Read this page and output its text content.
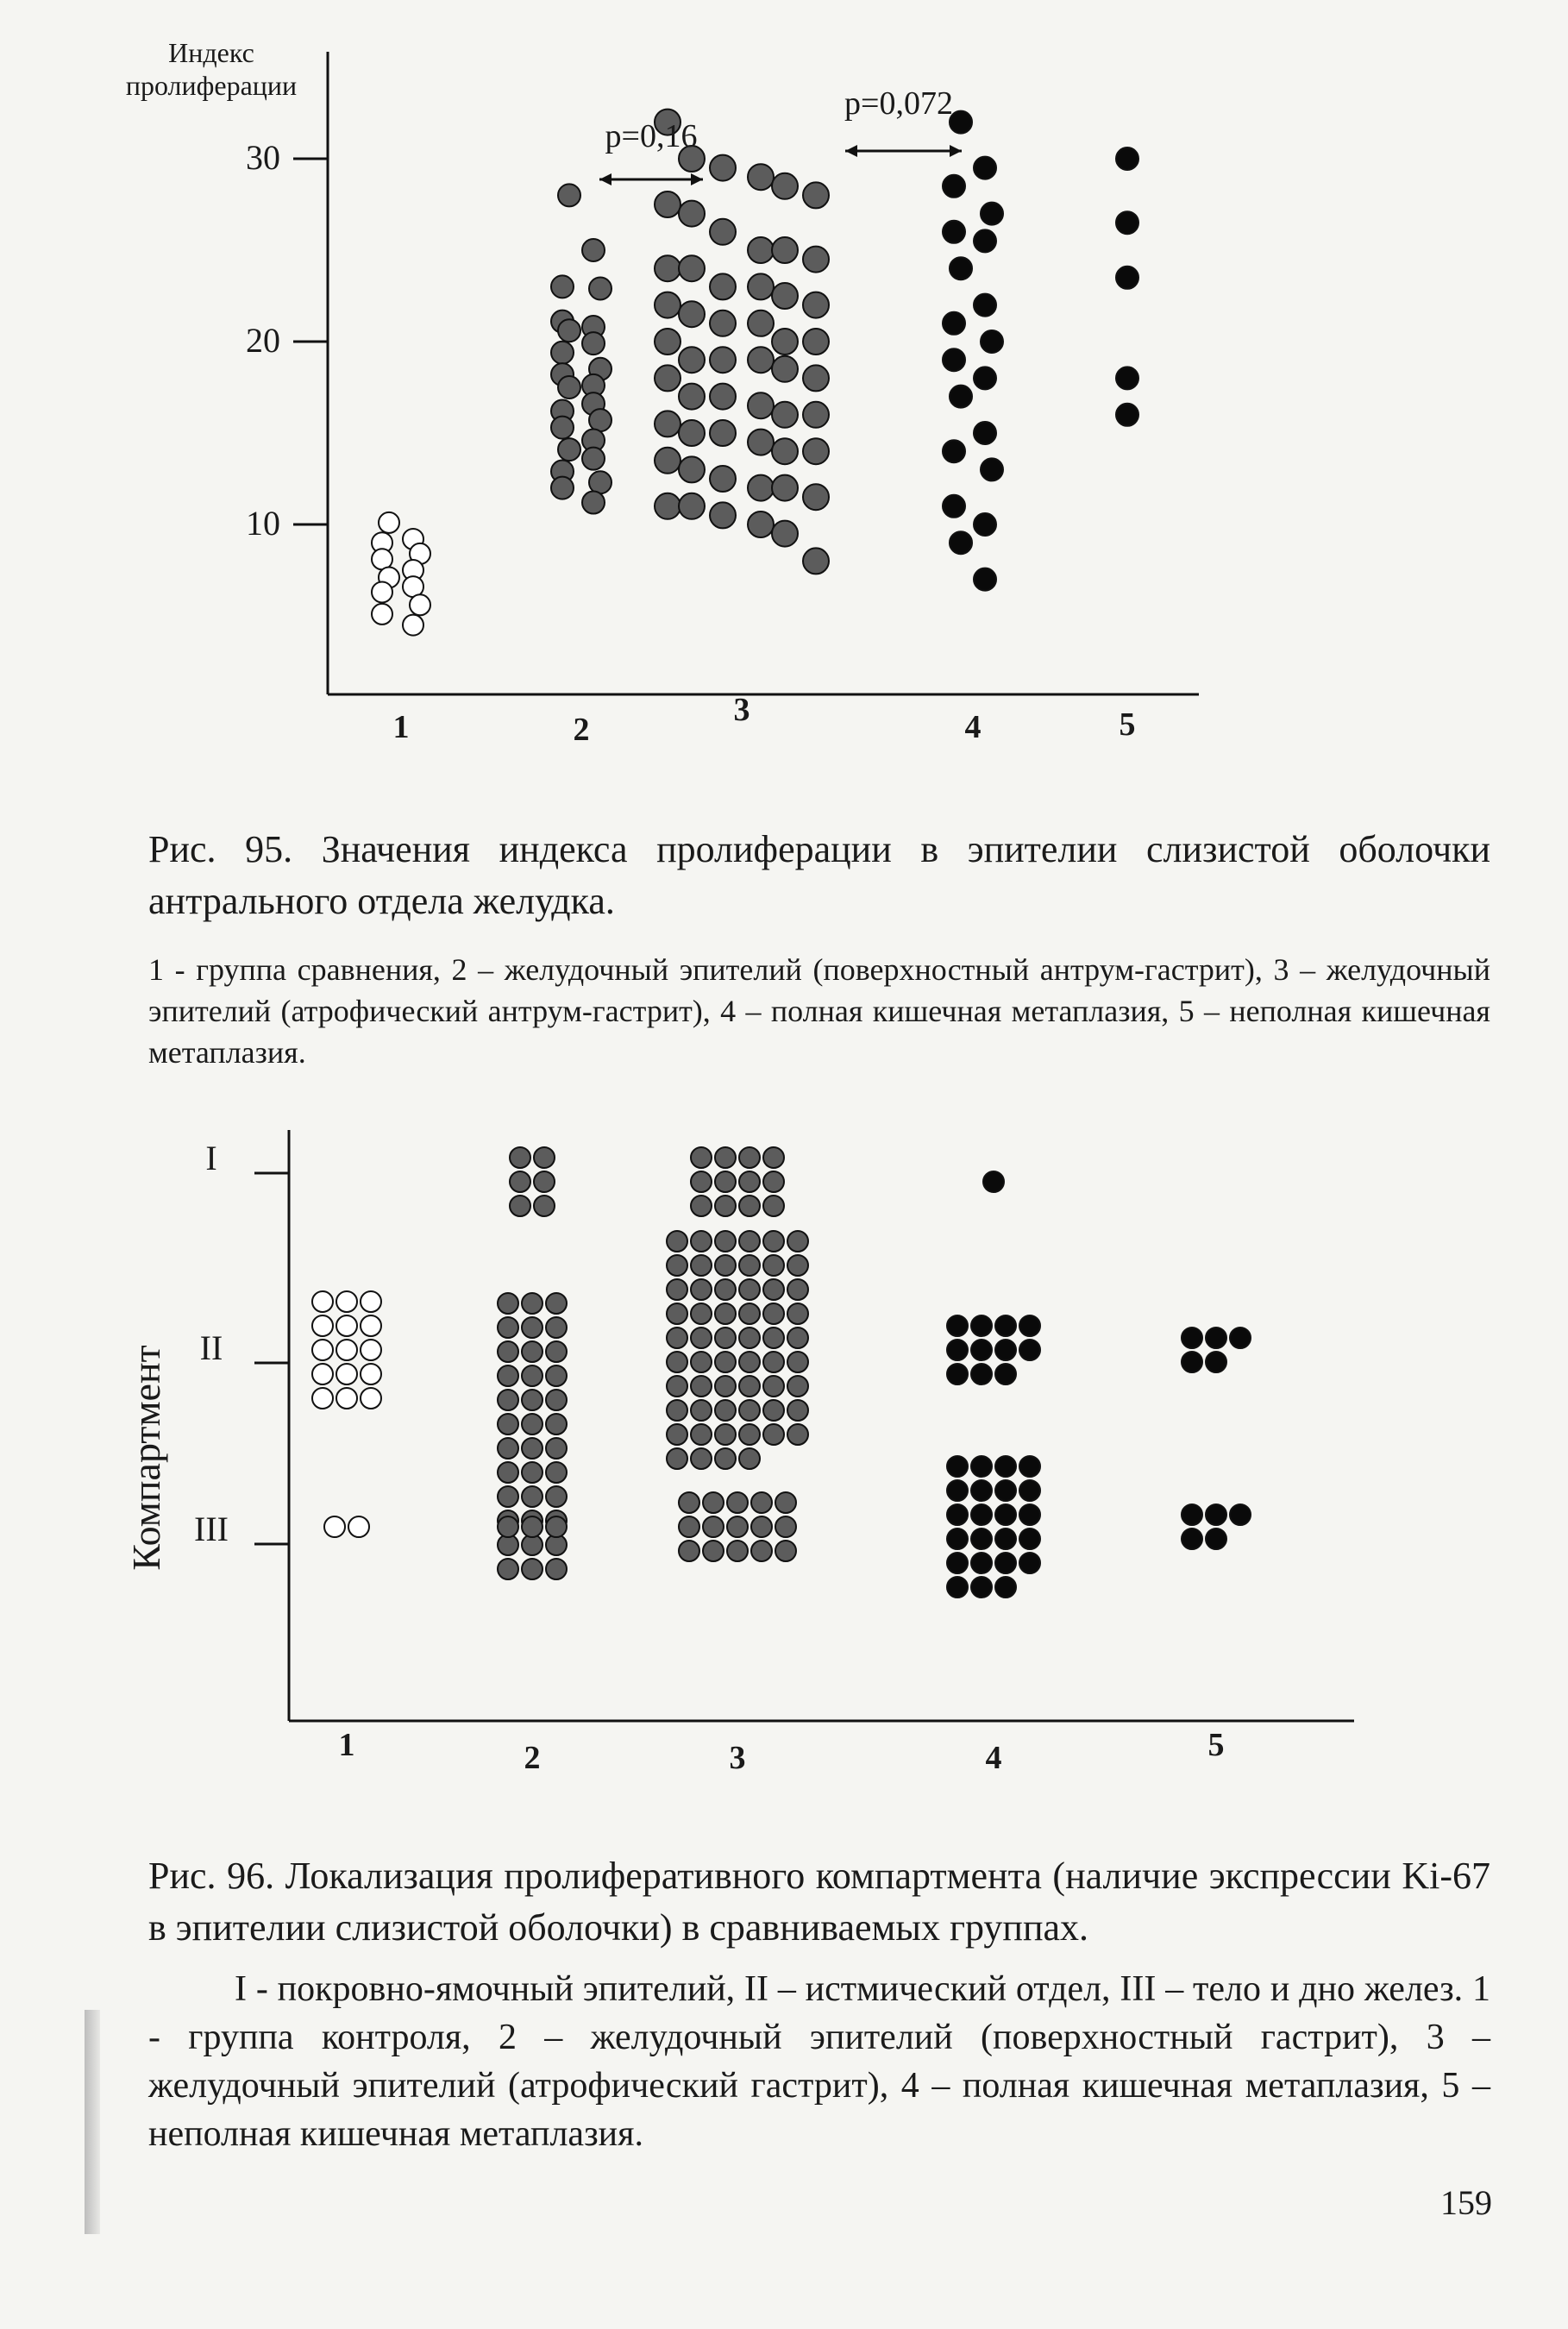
Индекс
пролиферации
10
20
30
1	2
3	4	5
p=0,16
p=0,072
Рис. 95. Значения индекса пролиферации в эпителии слизистой оболочки антрального отдела желудка.
1 - группа сравнения, 2 – желудочный эпителий (поверхностный антрум-гастрит), 3 – желудочный эпителий (атрофический антрум-гастрит), 4 – полная кишечная метаплазия, 5 – неполная кишечная метаплазия.
Компартмент
I
II
III
1	2	3	4	5
Рис. 96. Локализация пролиферативного компартмента (наличие экспрессии Ki-67 в эпителии слизистой оболочки) в сравниваемых группах.
I - покровно-ямочный эпителий, II – истмический отдел, III – тело и дно желез. 1 - группа контроля, 2 – желудочный эпителий (поверхностный гастрит), 3 – желудочный эпителий (атрофический гастрит), 4 – полная кишечная метаплазия, 5 – неполная кишечная метаплазия.
159
